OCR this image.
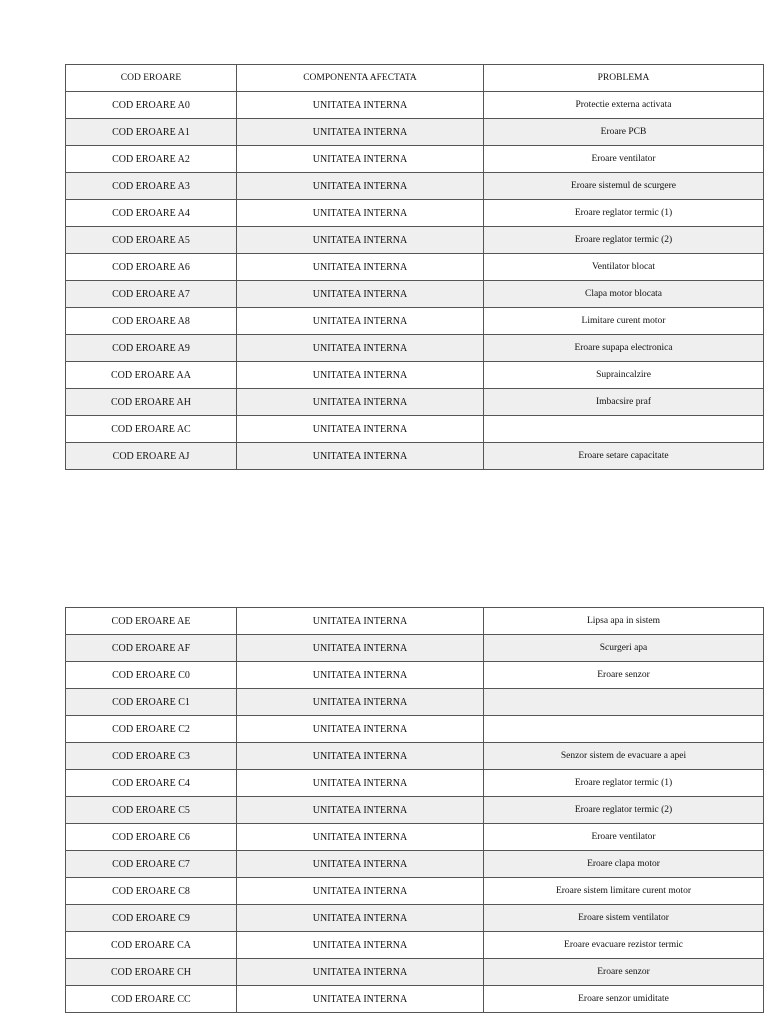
COD EROARE	COMPONENTA AFECTATA	PROBLEMA
COD EROARE A0	UNITATEA INTERNA	Protectie externa activata
COD EROARE A1	UNITATEA INTERNA	Eroare PCB
COD EROARE A2	UNITATEA INTERNA	Eroare ventilator
COD EROARE A3	UNITATEA INTERNA	Eroare sistemul de scurgere
COD EROARE A4	UNITATEA INTERNA	Eroare reglator termic (1)
COD EROARE A5	UNITATEA INTERNA	Eroare reglator termic (2)
COD EROARE A6	UNITATEA INTERNA	Ventilator blocat
COD EROARE A7	UNITATEA INTERNA	Clapa motor blocata
COD EROARE A8	UNITATEA INTERNA	Limitare curent motor
COD EROARE A9	UNITATEA INTERNA	Eroare supapa electronica
COD EROARE AA	UNITATEA INTERNA	Supraincalzire
COD EROARE AH	UNITATEA INTERNA	Imbacsire praf
COD EROARE AC	UNITATEA INTERNA	
COD EROARE AJ	UNITATEA INTERNA	Eroare setare capacitate
COD EROARE AE	UNITATEA INTERNA	Lipsa apa in sistem
COD EROARE AF	UNITATEA INTERNA	Scurgeri apa
COD EROARE C0	UNITATEA INTERNA	Eroare senzor
COD EROARE C1	UNITATEA INTERNA	
COD EROARE C2	UNITATEA INTERNA	
COD EROARE C3	UNITATEA INTERNA	Senzor sistem de evacuare a apei
COD EROARE C4	UNITATEA INTERNA	Eroare reglator termic (1)
COD EROARE C5	UNITATEA INTERNA	Eroare reglator termic (2)
COD EROARE C6	UNITATEA INTERNA	Eroare ventilator
COD EROARE C7	UNITATEA INTERNA	Eroare clapa motor
COD EROARE C8	UNITATEA INTERNA	Eroare sistem limitare curent motor
COD EROARE C9	UNITATEA INTERNA	Eroare sistem ventilator
COD EROARE CA	UNITATEA INTERNA	Eroare evacuare rezistor termic
COD EROARE CH	UNITATEA INTERNA	Eroare senzor
COD EROARE CC	UNITATEA INTERNA	Eroare senzor umiditate
